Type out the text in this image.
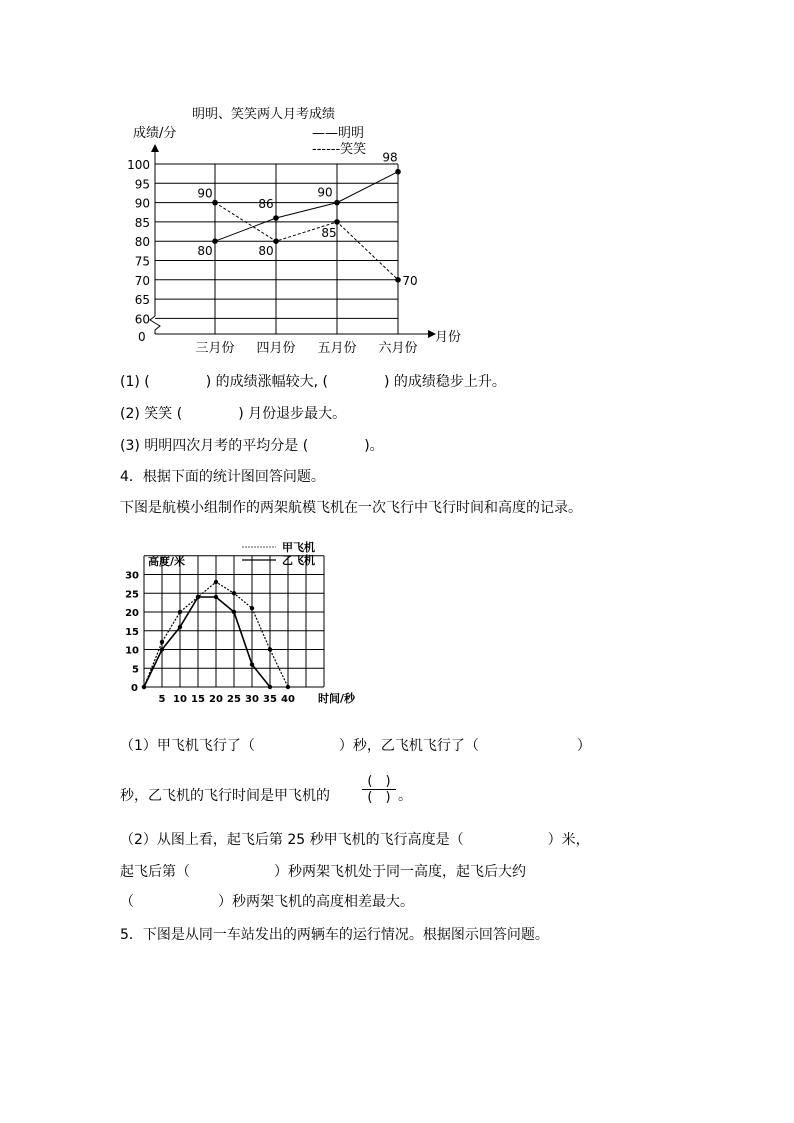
明明、笑笑两人月考成绩
成绩/分	——明明
------笑笑
100
95
90
85
80
75
70
65
60
三月份 四月份 五月份 六月份
80
86
90
98
90
80
85
70
0	月份
(1) (　　　　) 的成绩涨幅较大, (　　　　) 的成绩稳步上升。
(2) 笑笑 (　　　　) 月份退步最大。
(3) 明明四次月考的平均分是 (　　　　)。
4．根据下面的统计图回答问题。
下图是航模小组制作的两架航模飞机在一次飞行中飞行时间和高度的记录。
高度/米
甲飞机
乙飞机
30
25
20
15
10
5
5 10 15 20 25 30 35 40
0
时间/秒
（1）甲飞机飞行了（　　　　　　）秒，乙飞机飞行了（　　　　　　　）
秒，乙飞机的飞行时间是甲飞机的
(　)
(　) 。
（2）从图上看，起飞后第 25 秒甲飞机的飞行高度是（　　　　　　）米，
起飞后第（　　　　　　）秒两架飞机处于同一高度，起飞后大约
（　　　　　　）秒两架飞机的高度相差最大。
5．下图是从同一车站发出的两辆车的运行情况。根据图示回答问题。
